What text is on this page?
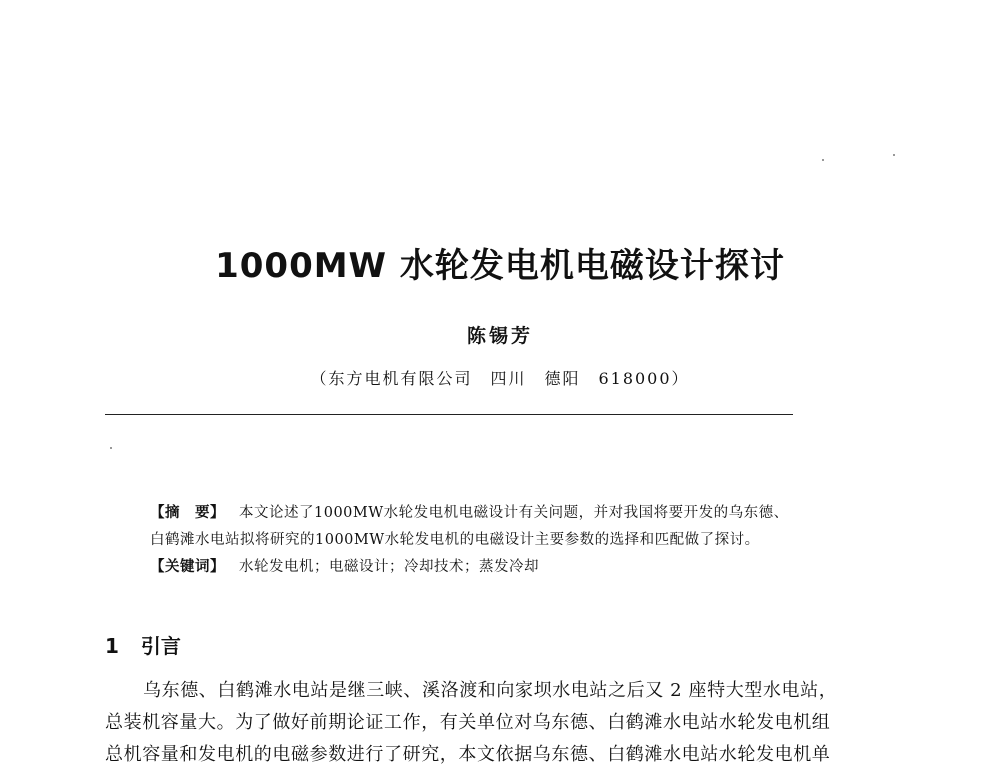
1000MW 水轮发电机电磁设计探讨
陈锡芳
（东方电机有限公司　四川　德阳　618000）
【摘　要】 本文论述了1000MW水轮发电机电磁设计有关问题，并对我国将要开发的乌东德、
白鹤滩水电站拟将研究的1000MW水轮发电机的电磁设计主要参数的选择和匹配做了探讨。
【关键词】 水轮发电机；电磁设计；冷却技术；蒸发冷却
1 引言
乌东德、白鹤滩水电站是继三峡、溪洛渡和向家坝水电站之后又 2 座特大型水电站，
总装机容量大。为了做好前期论证工作，有关单位对乌东德、白鹤滩水电站水轮发电机组
总机容量和发电机的电磁参数进行了研究，本文依据乌东德、白鹤滩水电站水轮发电机单
